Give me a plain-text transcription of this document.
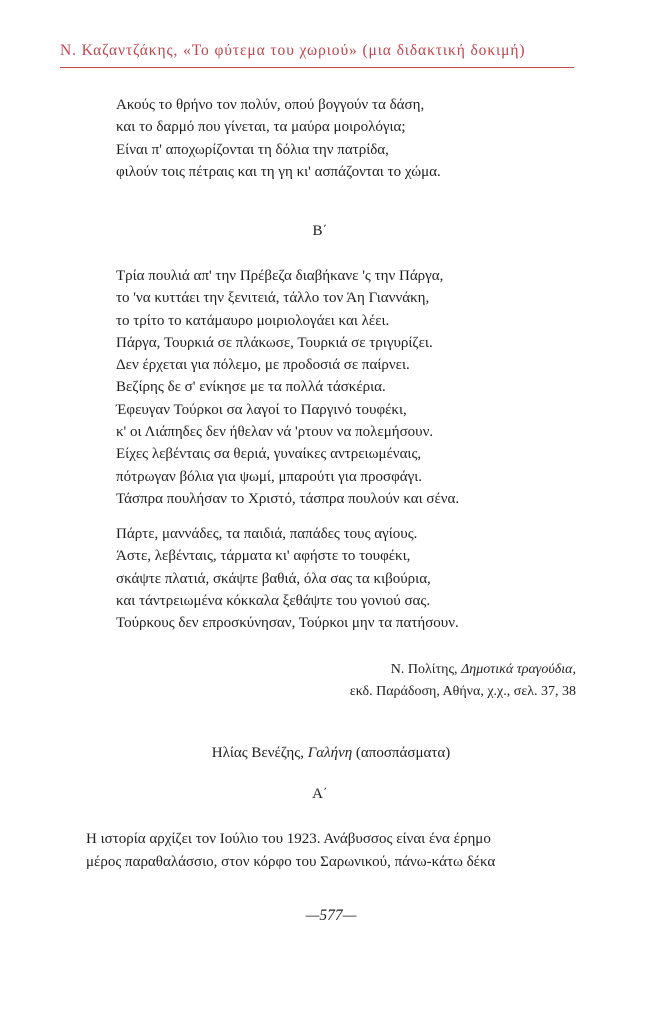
Ν. Καζαντζάκης, «Το φύτεμα του χωριού» (μια διδακτική δοκιμή)
Ακούς το θρήνο τον πολύν, οπού βογγούν τα δάση,
και το δαρμό που γίνεται, τα μαύρα μοιρολόγια;
Είναι π' αποχωρίζονται τη δόλια την πατρίδα,
φιλούν τοις πέτραις και τη γη κι' ασπάζονται το χώμα.
Β΄
Τρία πουλιά απ' την Πρέβεζα διαβήκανε 'ς την Πάργα,
το 'να κυττάει την ξενιτειά, τάλλο τον Άη Γιαννάκη,
το τρίτο το κατάμαυρο μοιριολογάει και λέει.
Πάργα, Τουρκιά σε πλάκωσε, Τουρκιά σε τριγυρίζει.
Δεν έρχεται για πόλεμο, με προδοσιά σε παίρνει.
Βεζίρης δε σ' ενίκησε με τα πολλά τάσκέρια.
Έφευγαν Τούρκοι σα λαγοί το Παργινό τουφέκι,
κ' οι Λιάπηδες δεν ήθελαν νά 'ρτουν να πολεμήσουν.
Είχες λεβένταις σα θεριά, γυναίκες αντρειωμέναις,
πότρωγαν βόλια για ψωμί, μπαρούτι για προσφάγι.
Τάσπρα πουλήσαν το Χριστό, τάσπρα πουλούν και σένα.
Πάρτε, μαννάδες, τα παιδιά, παπάδες τους αγίους.
Άστε, λεβένταις, τάρματα κι' αφήστε το τουφέκι,
σκάψτε πλατιά, σκάψτε βαθιά, όλα σας τα κιβούρια,
και τάντρειωμένα κόκκαλα ξεθάψτε του γονιού σας.
Τούρκους δεν επροσκύνησαν, Τούρκοι μην τα πατήσουν.
Ν. Πολίτης, Δημοτικά τραγούδια,
εκδ. Παράδοση, Αθήνα, χ.χ., σελ. 37, 38
Ηλίας Βενέζης, Γαλήνη (αποσπάσματα)
Α΄
Η ιστορία αρχίζει τον Ιούλιο του 1923. Ανάβυσσος είναι ένα έρημο
μέρος παραθαλάσσιο, στον κόρφο του Σαρωνικού, πάνω-κάτω δέκα
—577—
